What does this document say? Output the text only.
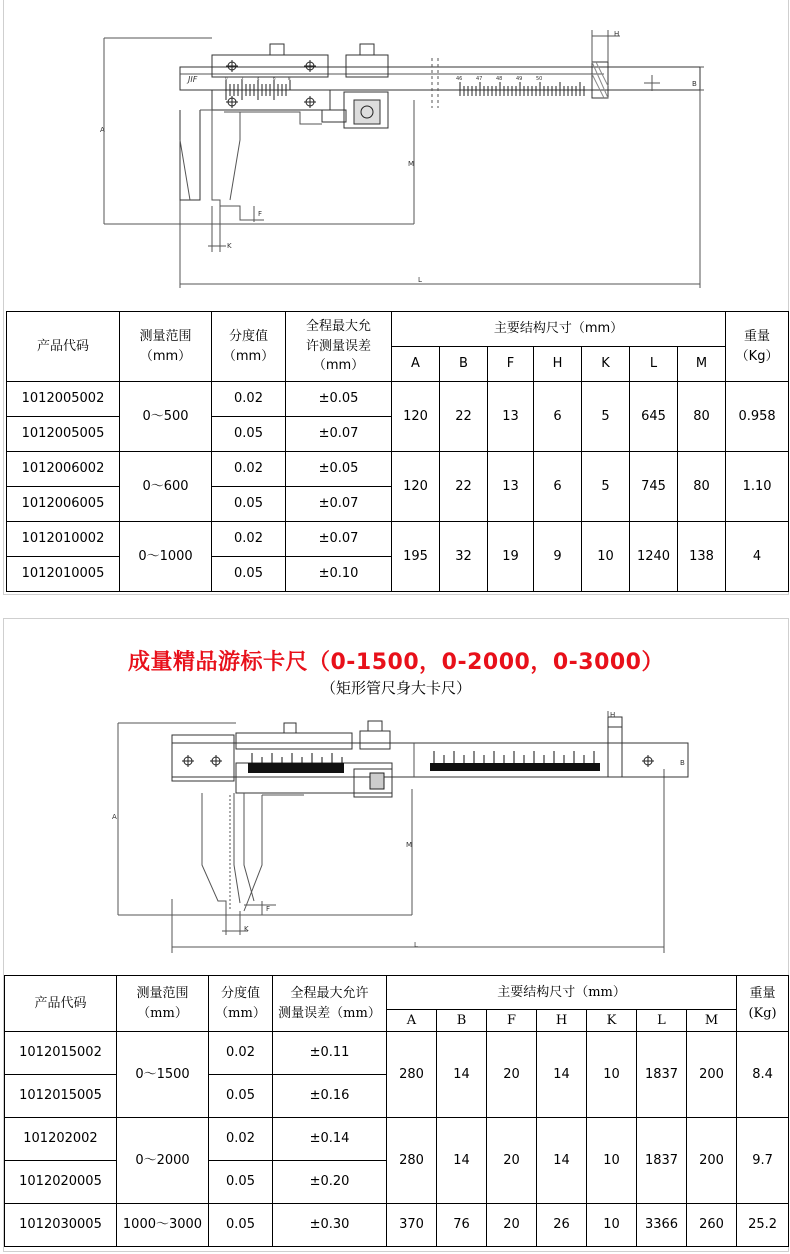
A
B
H
M
F
K
L
JIF	46	47	48	49	50
0	2	4	6	8
产品代码	测量范围
（mm）	分度值
（mm）	全程最大允
许测量误差
（mm）	主要结构尺寸（mm）							重量
（Kg）
				A	B	F	H	K	L	M	
1012005002	0～500	0.02	±0.05	120	22	13	6	5	645	80	0.958
1012005005		0.05	±0.07								
1012006002	0～600	0.02	±0.05	120	22	13	6	5	745	80	1.10
1012006005		0.05	±0.07								
1012010002	0～1000	0.02	±0.07	195	32	19	9	10	1240	138	4
1012010005		0.05	±0.10								
成量精品游标卡尺（0-1500，0-2000，0-3000）
（矩形管尺身大卡尺）
A
B
H
M
F
K
L
产品代码	测量范围
（mm）	分度值
（mm）	全程最大允许
测量误差（mm）	主要结构尺寸（mm）							重量
(Kg)
				A	B	F	H	K	L	M	
1012015002	0～1500	0.02	±0.11	280	14	20	14	10	1837	200	8.4
1012015005		0.05	±0.16								
101202002	0～2000	0.02	±0.14	280	14	20	14	10	1837	200	9.7
1012020005		0.05	±0.20								
1012030005	1000～3000	0.05	±0.30	370	76	20	26	10	3366	260	25.2
